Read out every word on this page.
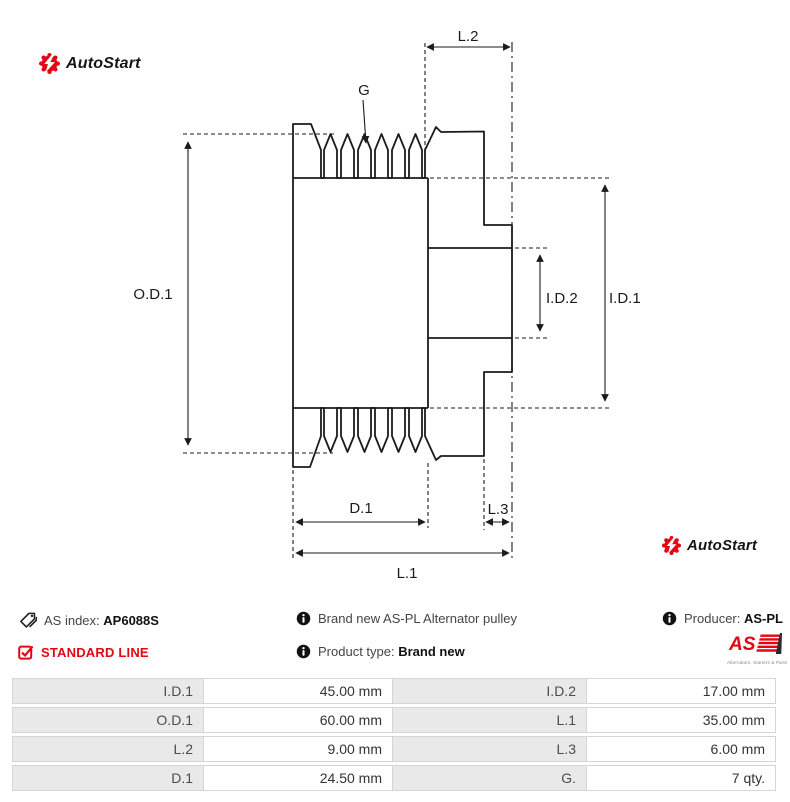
AutoStart
G
L.2
O.D.1	I.D.2 I.D.1
D.1	L.3
L.1
AutoStart
AS index: AP6088S
STANDARD LINE
Brand new AS-PL Alternator pulley
Product type: Brand new
Producer: AS-PL
AS
Alternators, Starters & Parts
I.D.1	45.00 mm	I.D.2	17.00 mm
O.D.1	60.00 mm	L.1	35.00 mm
L.2	9.00 mm	L.3	6.00 mm
D.1	24.50 mm	G.	7 qty.
